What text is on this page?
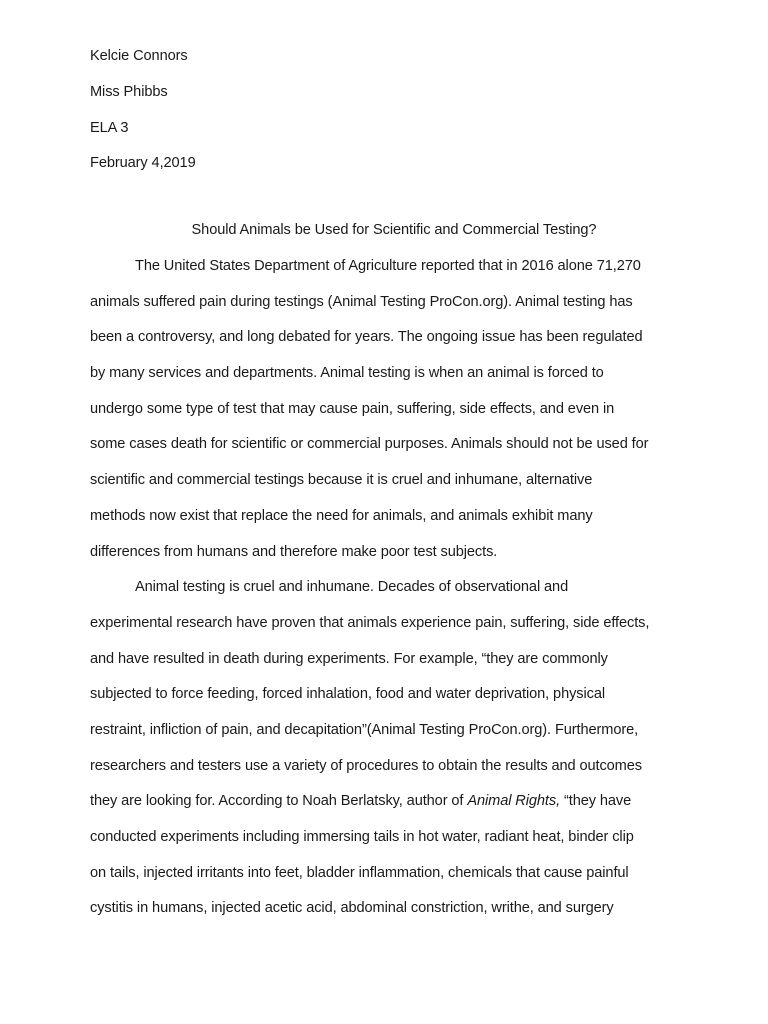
Kelcie Connors
Miss Phibbs
ELA 3
February 4,2019
Should Animals be Used for Scientific and Commercial Testing?
The United States Department of Agriculture reported that in 2016 alone 71,270
animals suffered pain during testings (Animal Testing ProCon.org). Animal testing has
been a controversy, and long debated for years. The ongoing issue has been regulated
by many services and departments. Animal testing is when an animal is forced to
undergo some type of test that may cause pain, suffering, side effects, and even in
some cases death for scientific or commercial purposes. Animals should not be used for
scientific and commercial testings because it is cruel and inhumane, alternative
methods now exist that replace the need for animals, and animals exhibit many
differences from humans and therefore make poor test subjects.
Animal testing is cruel and inhumane. Decades of observational and
experimental research have proven that animals experience pain, suffering, side effects,
and have resulted in death during experiments. For example, “they are commonly
subjected to force feeding, forced inhalation, food and water deprivation, physical
restraint, infliction of pain, and decapitation”(Animal Testing ProCon.org). Furthermore,
researchers and testers use a variety of procedures to obtain the results and outcomes
they are looking for. According to Noah Berlatsky, author of Animal Rights, “they have
conducted experiments including immersing tails in hot water, radiant heat, binder clip
on tails, injected irritants into feet, bladder inflammation, chemicals that cause painful
cystitis in humans, injected acetic acid, abdominal constriction, writhe, and surgery
